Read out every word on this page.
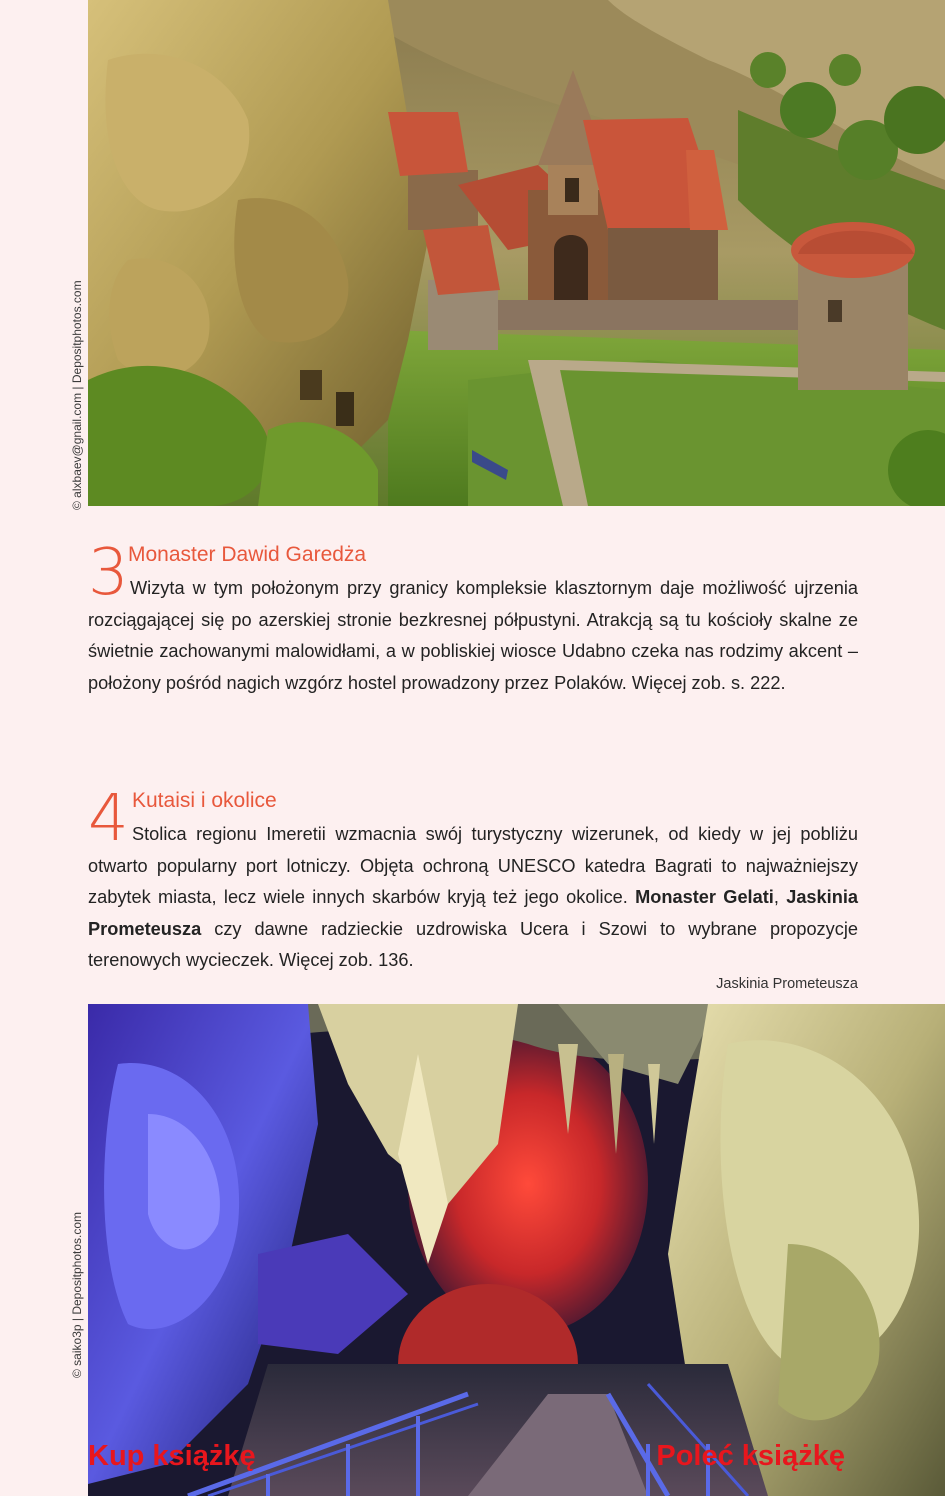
© alxbaev@gnail.com | Depositphotos.com
3 Monaster Dawid Garedża

Wizyta w tym położonym przy granicy kompleksie klasztornym daje możliwość ujrzenia rozciągającej się po azerskiej stronie bezkresnej półpustyni. Atrakcją są tu kościoły skalne ze świetnie zachowanymi malowidłami, a w pobliskiej wiosce Udabno czeka nas rodzimy akcent – położony pośród nagich wzgórz hostel prowadzony przez Polaków. Więcej zob. s. 222.

4 Kutaisi i okolice

Stolica regionu Imeretii wzmacnia swój turystyczny wizerunek, od kiedy w jej pobliżu otwarto popularny port lotniczy. Objęta ochroną UNESCO katedra Bagrati to najważniejszy zabytek miasta, lecz wiele innych skarbów kryją też jego okolice. Monaster Gelati, Jaskinia Prometeusza czy dawne radzieckie uzdrowiska Ucera i Szowi to wybrane propozycje terenowych wycieczek. Więcej zob. 136.

Jaskinia Prometeusza
© saiko3p | Depositphotos.com
Kup książkę	Poleć książkę
